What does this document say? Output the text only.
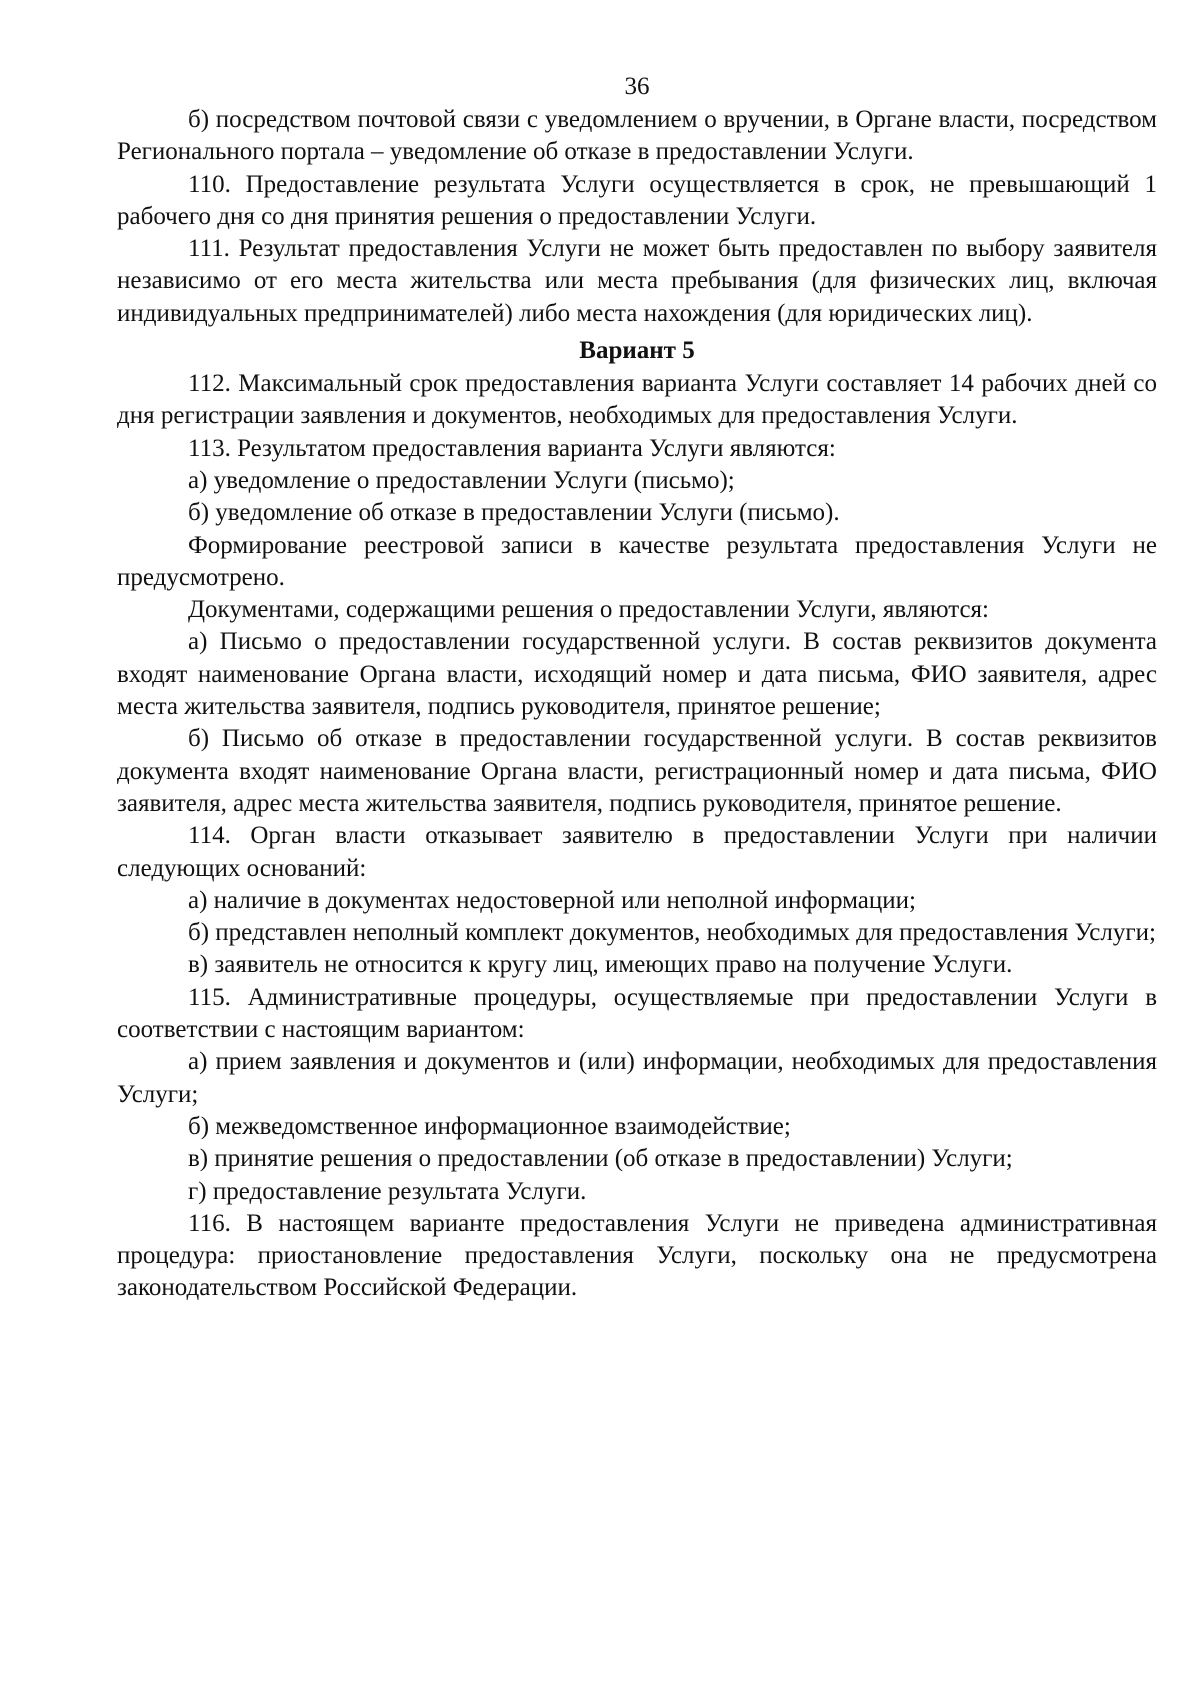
36

б) посредством почтовой связи с уведомлением о вручении, в Органе власти, посредством Регионального портала – уведомление об отказе в предоставлении Услуги.

110. Предоставление результата Услуги осуществляется в срок, не превышающий 1 рабочего дня со дня принятия решения о предоставлении Услуги.

111. Результат предоставления Услуги не может быть предоставлен по выбору заявителя независимо от его места жительства или места пребывания (для физических лиц, включая индивидуальных предпринимателей) либо места нахождения (для юридических лиц).

Вариант 5

112. Максимальный срок предоставления варианта Услуги составляет 14 рабочих дней со дня регистрации заявления и документов, необходимых для предоставления Услуги.

113. Результатом предоставления варианта Услуги являются:

а) уведомление о предоставлении Услуги (письмо);

б) уведомление об отказе в предоставлении Услуги (письмо).

Формирование реестровой записи в качестве результата предоставления Услуги не предусмотрено.

Документами, содержащими решения о предоставлении Услуги, являются:

а) Письмо о предоставлении государственной услуги. В состав реквизитов документа входят наименование Органа власти, исходящий номер и дата письма, ФИО заявителя, адрес места жительства заявителя, подпись руководителя, принятое решение;

б) Письмо об отказе в предоставлении государственной услуги. В состав реквизитов документа входят наименование Органа власти, регистрационный номер и дата письма, ФИО заявителя, адрес места жительства заявителя, подпись руководителя, принятое решение.

114. Орган власти отказывает заявителю в предоставлении Услуги при наличии следующих оснований:

а) наличие в документах недостоверной или неполной информации;

б) представлен неполный комплект документов, необходимых для предоставления Услуги;

в) заявитель не относится к кругу лиц, имеющих право на получение Услуги.

115. Административные процедуры, осуществляемые при предоставлении Услуги в соответствии с настоящим вариантом:

а) прием заявления и документов и (или) информации, необходимых для предоставления Услуги;

б) межведомственное информационное взаимодействие;

в) принятие решения о предоставлении (об отказе в предоставлении) Услуги;

г) предоставление результата Услуги.

116. В настоящем варианте предоставления Услуги не приведена административная процедура: приостановление предоставления Услуги, поскольку она не предусмотрена законодательством Российской Федерации.
